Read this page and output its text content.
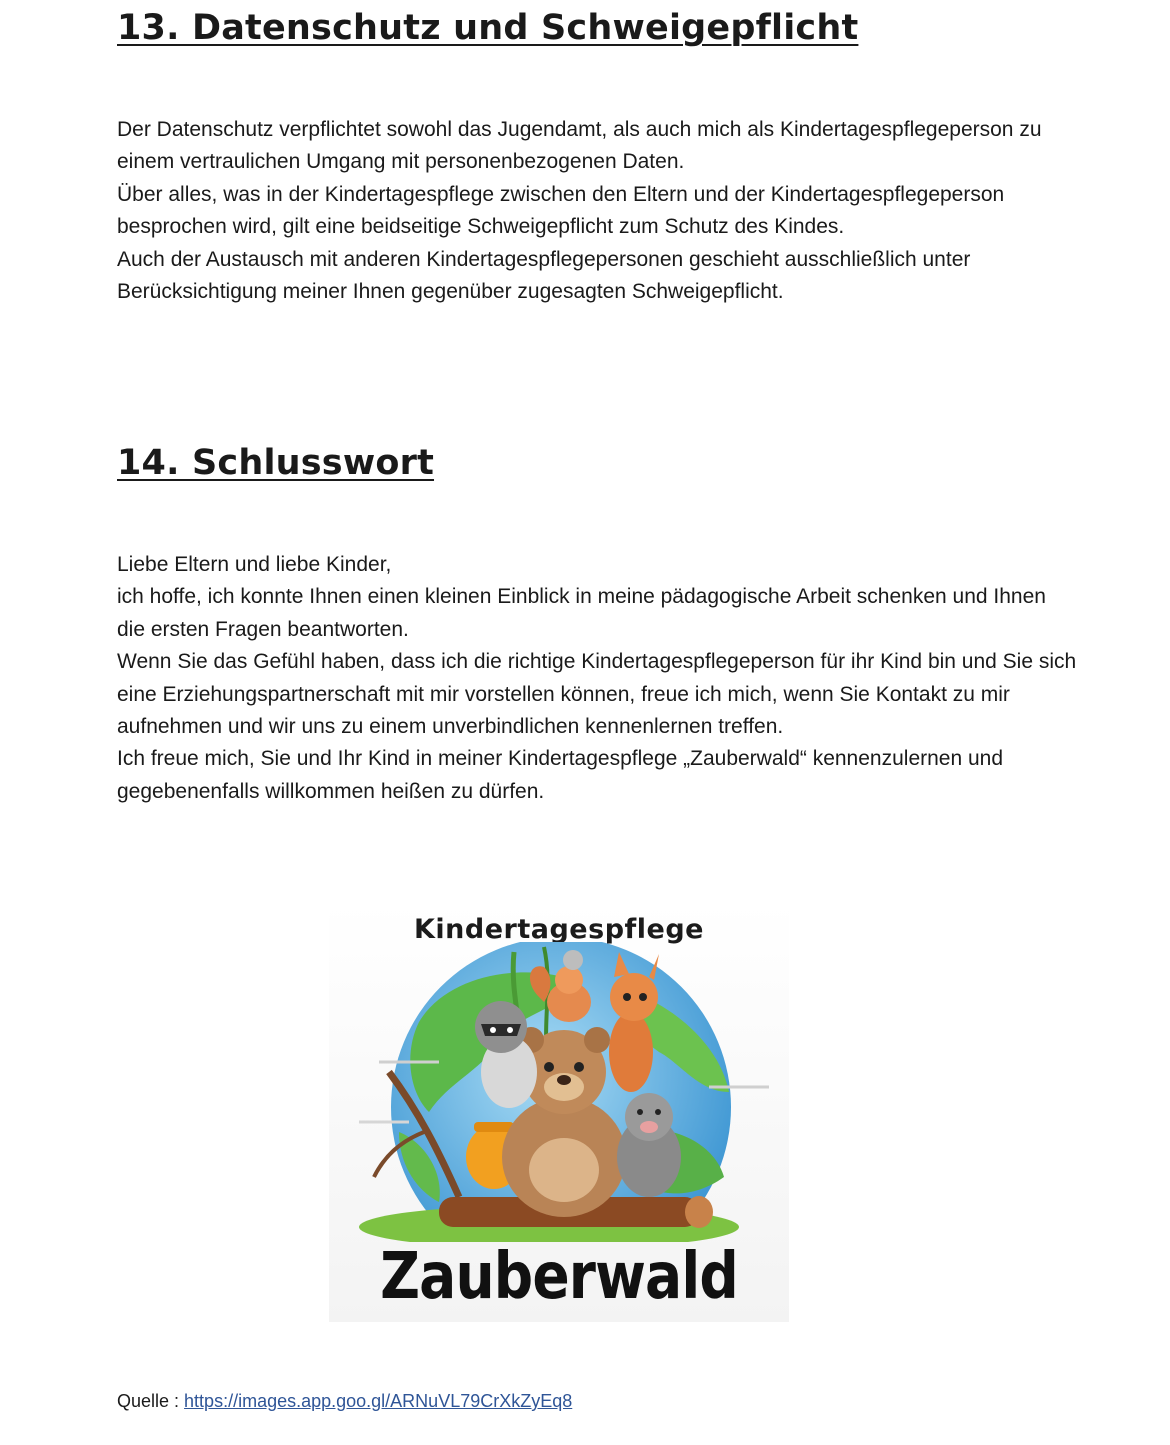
13. Datenschutz und Schweigepflicht

Der Datenschutz verpflichtet sowohl das Jugendamt, als auch mich als Kindertagespflegeperson zu einem vertraulichen Umgang mit personenbezogenen Daten.

Über alles, was in der Kindertagespflege zwischen den Eltern und der Kindertagespflegeperson besprochen wird, gilt eine beidseitige Schweigepflicht zum Schutz des Kindes.

Auch der Austausch mit anderen Kindertagespflegepersonen geschieht ausschließlich unter Berücksichtigung meiner Ihnen gegenüber zugesagten Schweigepflicht.

14. Schlusswort

Liebe Eltern und liebe Kinder,

ich hoffe, ich konnte Ihnen einen kleinen Einblick in meine pädagogische Arbeit schenken und Ihnen die ersten Fragen beantworten.

Wenn Sie das Gefühl haben, dass ich die richtige Kindertagespflegeperson für ihr Kind bin und Sie sich eine Erziehungspartnerschaft mit mir vorstellen können, freue ich mich, wenn Sie Kontakt zu mir aufnehmen und wir uns zu einem unverbindlichen kennenlernen treffen.

Ich freue mich, Sie und Ihr Kind in meiner Kindertagespflege „Zauberwald“ kennenzulernen und gegebenenfalls willkommen heißen zu dürfen.

Kindertagespflege
Zauberwald
Quelle : https://images.app.goo.gl/ARNuVL79CrXkZyEq8
